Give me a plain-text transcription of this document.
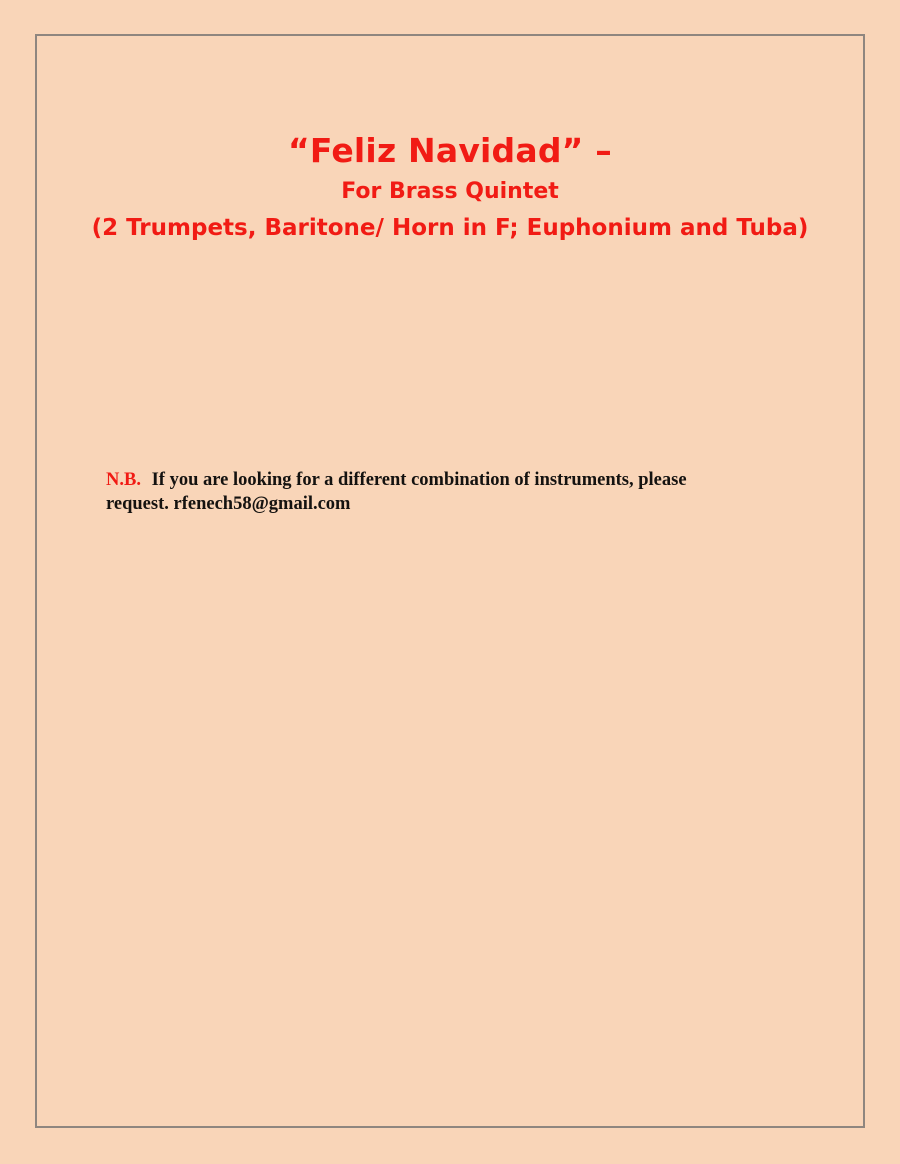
“Feliz Navidad” –
For Brass Quintet
(2 Trumpets, Baritone/ Horn in F; Euphonium and Tuba)
N.B. If you are looking for a different combination of instruments, please
request. rfenech58@gmail.com
